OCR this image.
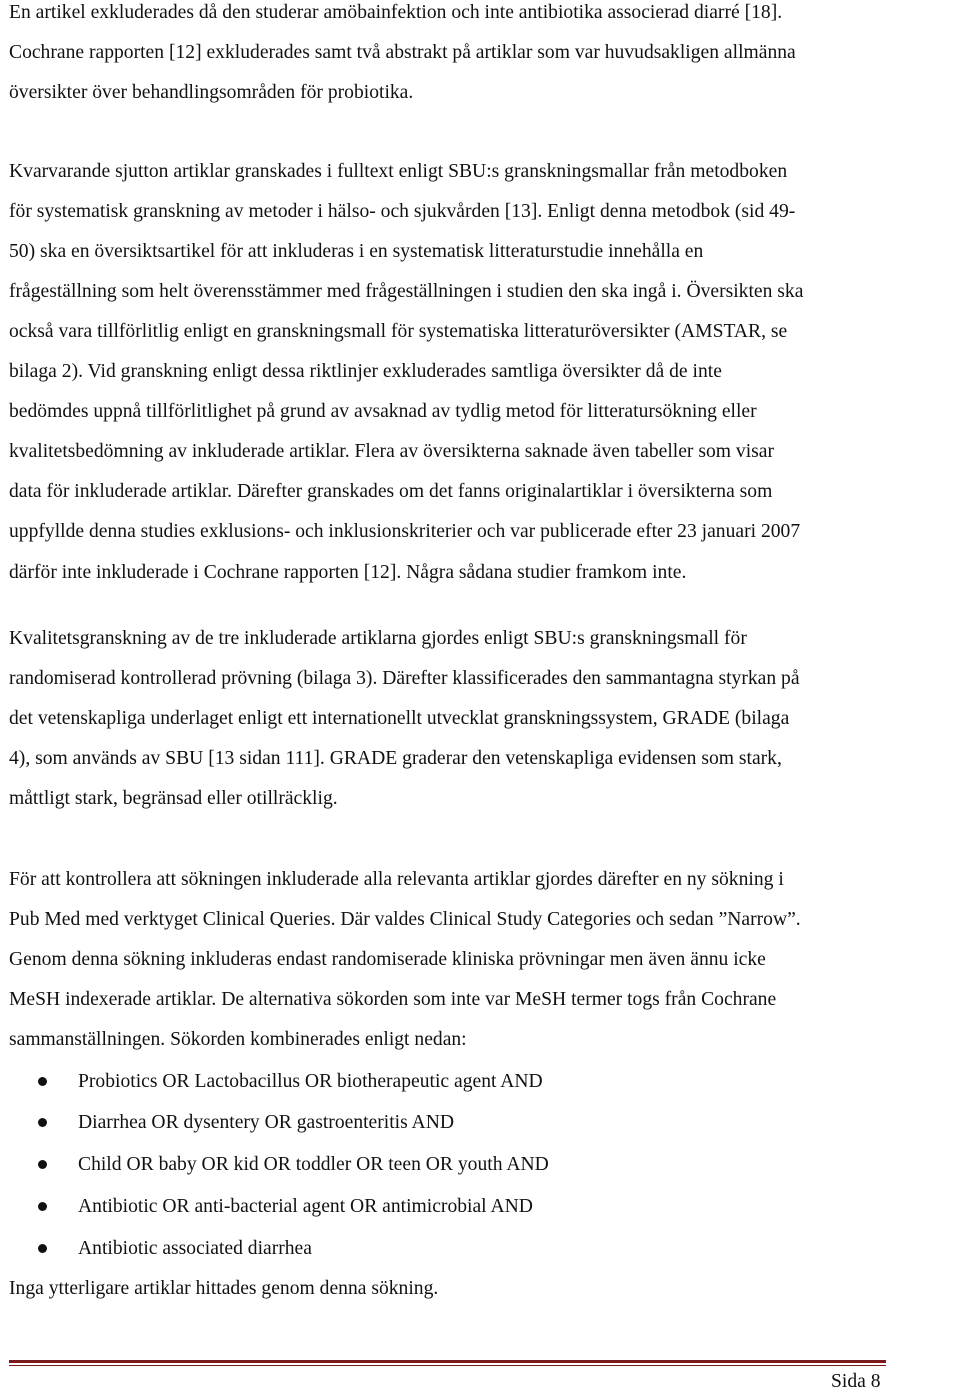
En artikel exkluderades då den studerar amöbainfektion och inte antibiotika associerad diarré [18].
Cochrane rapporten [12] exkluderades samt två abstrakt på artiklar som var huvudsakligen allmänna
översikter över behandlingsområden för probiotika.
Kvarvarande sjutton artiklar granskades i fulltext enligt SBU:s granskningsmallar från metodboken
för systematisk granskning av metoder i hälso- och sjukvården [13]. Enligt denna metodbok (sid 49-
50) ska en översiktsartikel för att inkluderas i en systematisk litteraturstudie innehålla en
frågeställning som helt överensstämmer med frågeställningen i studien den ska ingå i. Översikten ska
också vara tillförlitlig enligt en granskningsmall för systematiska litteraturöversikter (AMSTAR, se
bilaga 2). Vid granskning enligt dessa riktlinjer exkluderades samtliga översikter då de inte
bedömdes uppnå tillförlitlighet på grund av avsaknad av tydlig metod för litteratursökning eller
kvalitetsbedömning av inkluderade artiklar. Flera av översikterna saknade även tabeller som visar
data för inkluderade artiklar. Därefter granskades om det fanns originalartiklar i översikterna som
uppfyllde denna studies exklusions- och inklusionskriterier och var publicerade efter 23 januari 2007
därför inte inkluderade i Cochrane rapporten [12]. Några sådana studier framkom inte.
Kvalitetsgranskning av de tre inkluderade artiklarna gjordes enligt SBU:s granskningsmall för
randomiserad kontrollerad prövning (bilaga 3). Därefter klassificerades den sammantagna styrkan på
det vetenskapliga underlaget enligt ett internationellt utvecklat granskningssystem, GRADE (bilaga
4), som används av SBU [13 sidan 111]. GRADE graderar den vetenskapliga evidensen som stark,
måttligt stark, begränsad eller otillräcklig.
För att kontrollera att sökningen inkluderade alla relevanta artiklar gjordes därefter en ny sökning i
Pub Med med verktyget Clinical Queries. Där valdes Clinical Study Categories och sedan ”Narrow”.
Genom denna sökning inkluderas endast randomiserade kliniska prövningar men även ännu icke
MeSH indexerade artiklar. De alternativa sökorden som inte var MeSH termer togs från Cochrane
sammanställningen. Sökorden kombinerades enligt nedan:
Probiotics OR Lactobacillus OR biotherapeutic agent AND
Diarrhea OR dysentery OR gastroenteritis AND
Child OR baby OR kid OR toddler OR teen OR youth AND
Antibiotic OR anti-bacterial agent OR antimicrobial AND
Antibiotic associated diarrhea
Inga ytterligare artiklar hittades genom denna sökning.
Sida 8
